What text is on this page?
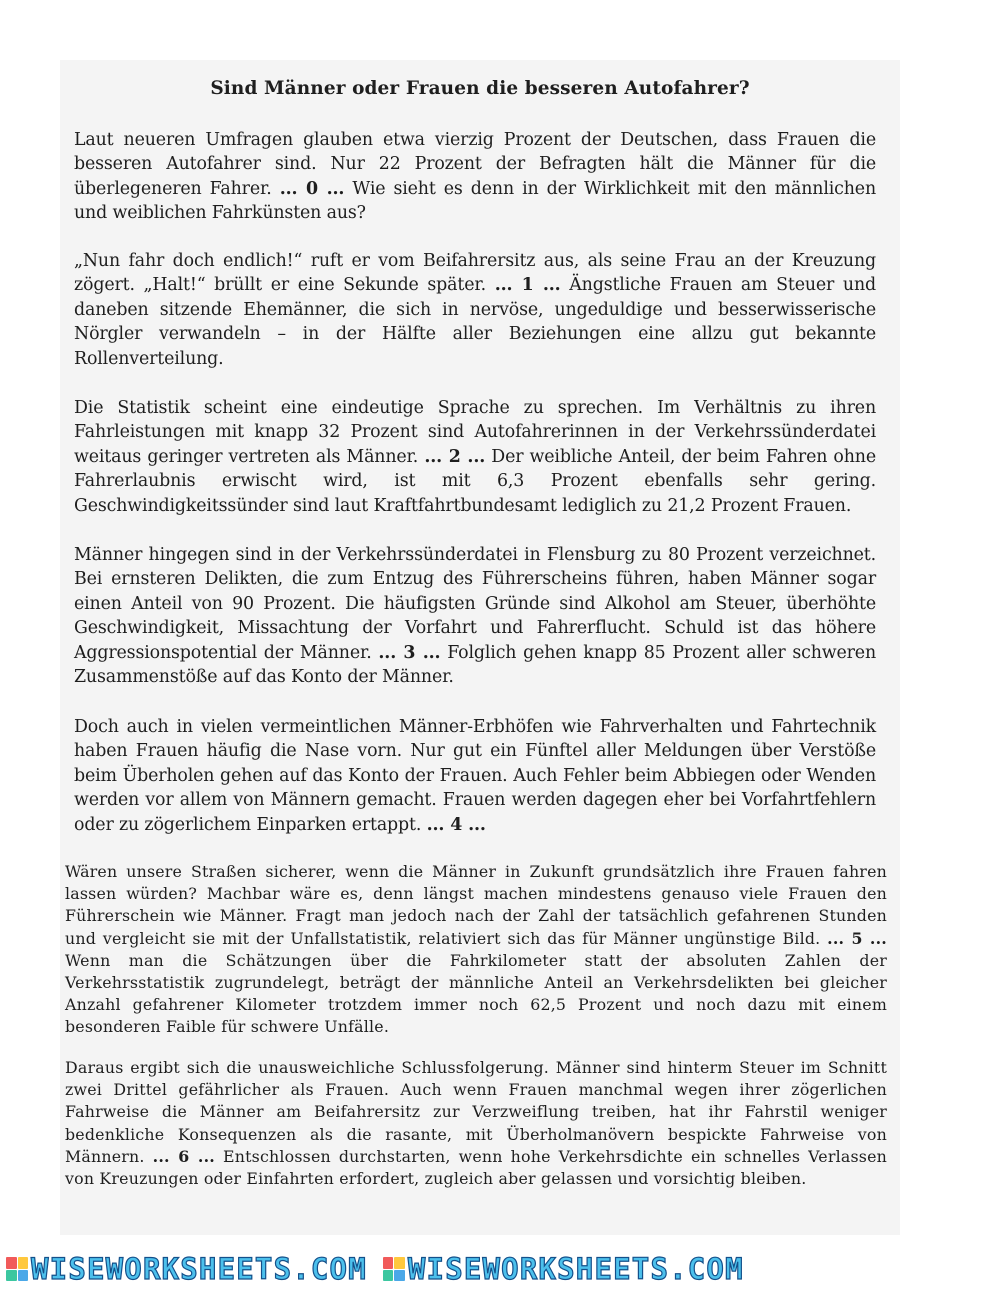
Sind Männer oder Frauen die besseren Autofahrer?

Laut neueren Umfragen glauben etwa vierzig Prozent der Deutschen, dass Frauen die besseren Autofahrer sind. Nur 22 Prozent der Befragten hält die Männer für die überlegeneren Fahrer. ... 0 ... Wie sieht es denn in der Wirklichkeit mit den männlichen und weiblichen Fahrkünsten aus?

„Nun fahr doch endlich!“ ruft er vom Beifahrersitz aus, als seine Frau an der Kreuzung zögert. „Halt!“ brüllt er eine Sekunde später. ... 1 ... Ängstliche Frauen am Steuer und daneben sitzende Ehemänner, die sich in nervöse, ungeduldige und besserwisserische Nörgler verwandeln – in der Hälfte aller Beziehungen eine allzu gut bekannte Rollenverteilung.

Die Statistik scheint eine eindeutige Sprache zu sprechen. Im Verhältnis zu ihren Fahrleistungen mit knapp 32 Prozent sind Autofahrerinnen in der Verkehrssünderdatei weitaus geringer vertreten als Männer. ... 2 ... Der weibliche Anteil, der beim Fahren ohne Fahrerlaubnis erwischt wird, ist mit 6,3 Prozent ebenfalls sehr gering. Geschwindigkeitssünder sind laut Kraftfahrtbundesamt lediglich zu 21,2 Prozent Frauen.

Männer hingegen sind in der Verkehrssünderdatei in Flensburg zu 80 Prozent verzeichnet. Bei ernsteren Delikten, die zum Entzug des Führerscheins führen, haben Männer sogar einen Anteil von 90 Prozent. Die häufigsten Gründe sind Alkohol am Steuer, überhöhte Geschwindigkeit, Missachtung der Vorfahrt und Fahrerflucht. Schuld ist das höhere Aggressionspotential der Männer. ... 3 ... Folglich gehen knapp 85 Prozent aller schweren Zusammenstöße auf das Konto der Männer.

Doch auch in vielen vermeintlichen Männer-Erbhöfen wie Fahrverhalten und Fahrtechnik haben Frauen häufig die Nase vorn. Nur gut ein Fünftel aller Meldungen über Verstöße beim Überholen gehen auf das Konto der Frauen. Auch Fehler beim Abbiegen oder Wenden werden vor allem von Männern gemacht. Frauen werden dagegen eher bei Vorfahrtfehlern oder zu zögerlichem Einparken ertappt. ... 4 ...

Wären unsere Straßen sicherer, wenn die Männer in Zukunft grundsätzlich ihre Frauen fahren lassen würden? Machbar wäre es, denn längst machen mindestens genauso viele Frauen den Führerschein wie Männer. Fragt man jedoch nach der Zahl der tatsächlich gefahrenen Stunden und vergleicht sie mit der Unfallstatistik, relativiert sich das für Männer ungünstige Bild. ... 5 ... Wenn man die Schätzungen über die Fahrkilometer statt der absoluten Zahlen der Verkehrsstatistik zugrundelegt, beträgt der männliche Anteil an Verkehrsdelikten bei gleicher Anzahl gefahrener Kilometer trotzdem immer noch 62,5 Prozent und noch dazu mit einem besonderen Faible für schwere Unfälle.

Daraus ergibt sich die unausweichliche Schlussfolgerung. Männer sind hinterm Steuer im Schnitt zwei Drittel gefährlicher als Frauen. Auch wenn Frauen manchmal wegen ihrer zögerlichen Fahrweise die Männer am Beifahrersitz zur Verzweiflung treiben, hat ihr Fahrstil weniger bedenkliche Konsequenzen als die rasante, mit Überholmanövern bespickte Fahrweise von Männern. ... 6 ... Entschlossen durchstarten, wenn hohe Verkehrsdichte ein schnelles Verlassen von Kreuzungen oder Einfahrten erfordert, zugleich aber gelassen und vorsichtig bleiben.

WISEWORKSHEETS.COM WISEWORKSHEETS.COM
